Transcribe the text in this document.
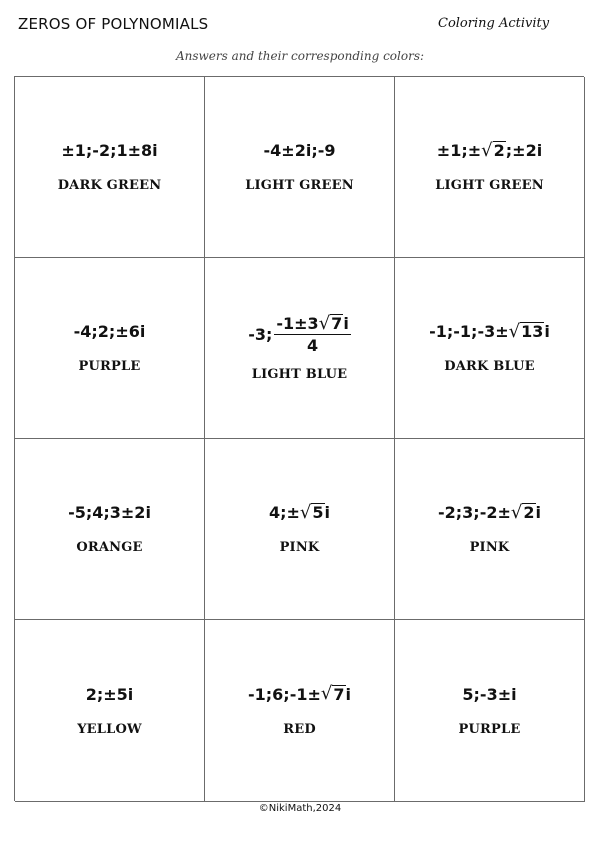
ZEROS OF POLYNOMIALS	Coloring Activity
Answers and their corresponding colors:
±1;-2;1±8i
DARK GREEN
-4±2i;-9
LIGHT GREEN
±1;± √ 2 ;±2i
LIGHT GREEN
-4;2;±6i
PURPLE
-3; $\frac{-1\pm 3 √ 7 i}{4}$
LIGHT BLUE
-1;-1;-3± √ 13 i
DARK BLUE
-5;4;3±2i
ORANGE
4;± √ 5 i
PINK
-2;3;-2± √ 2 i
PINK
2;±5i
YELLOW
-1;6;-1± √ 7 i
RED
5;-3±i
PURPLE
©NikiMath,2024
